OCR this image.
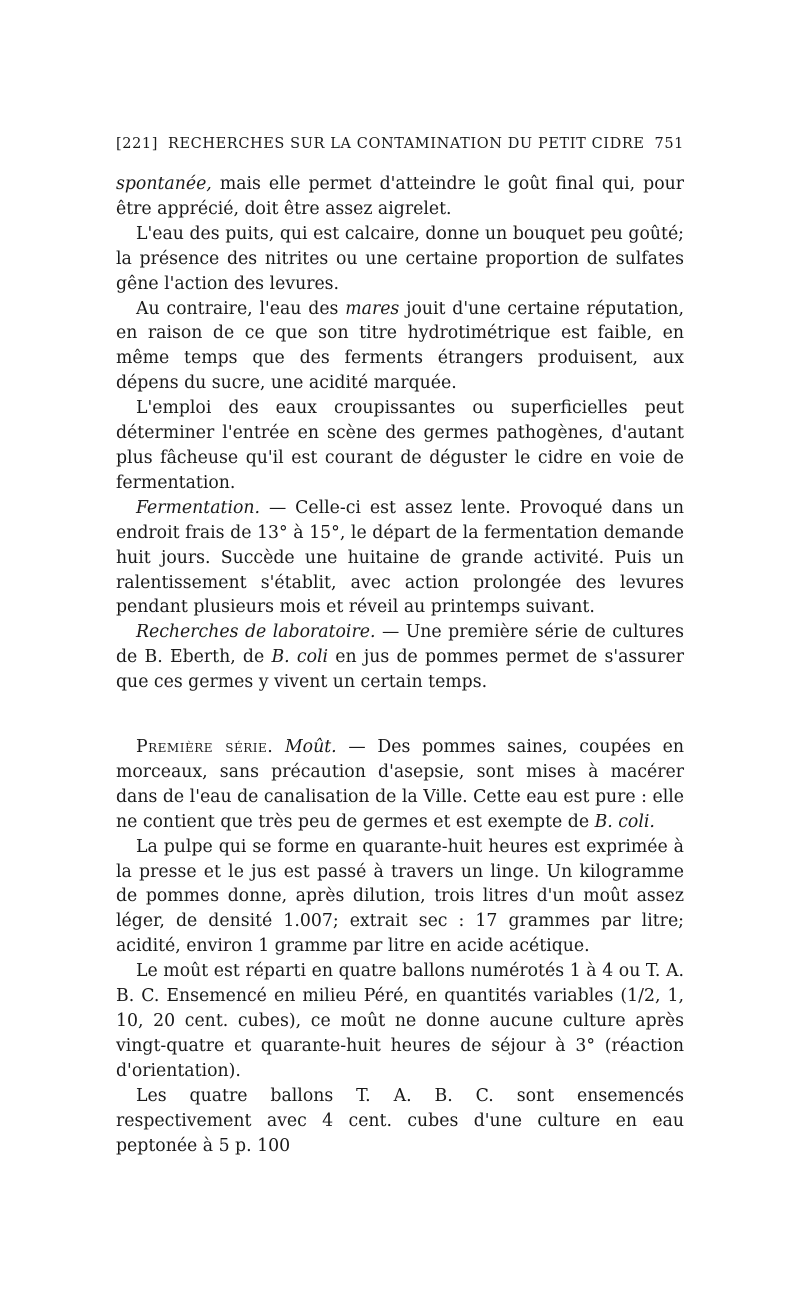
[221] RECHERCHES SUR LA CONTAMINATION DU PETIT CIDRE 751

spontanée, mais elle permet d'atteindre le goût final qui, pour être apprécié, doit être assez aigrelet.

L'eau des puits, qui est calcaire, donne un bouquet peu goûté; la présence des nitrites ou une certaine proportion de sulfates gêne l'action des levures.

Au contraire, l'eau des mares jouit d'une certaine réputation, en raison de ce que son titre hydrotimétrique est faible, en même temps que des ferments étrangers produisent, aux dépens du sucre, une acidité marquée.

L'emploi des eaux croupissantes ou superficielles peut déterminer l'entrée en scène des germes pathogènes, d'autant plus fâcheuse qu'il est courant de déguster le cidre en voie de fermentation.

Fermentation. — Celle-ci est assez lente. Provoqué dans un endroit frais de 13° à 15°, le départ de la fermentation demande huit jours. Succède une huitaine de grande activité. Puis un ralentissement s'établit, avec action prolongée des levures pendant plusieurs mois et réveil au printemps suivant.

Recherches de laboratoire. — Une première série de cultures de B. Eberth, de B. coli en jus de pommes permet de s'assurer que ces germes y vivent un certain temps.

Première série. Moût. — Des pommes saines, coupées en morceaux, sans précaution d'asepsie, sont mises à macérer dans de l'eau de canalisation de la Ville. Cette eau est pure : elle ne contient que très peu de germes et est exempte de B. coli.

La pulpe qui se forme en quarante-huit heures est exprimée à la presse et le jus est passé à travers un linge. Un kilogramme de pommes donne, après dilution, trois litres d'un moût assez léger, de densité 1.007; extrait sec : 17 grammes par litre; acidité, environ 1 gramme par litre en acide acétique.

Le moût est réparti en quatre ballons numérotés 1 à 4 ou T. A. B. C. Ensemencé en milieu Péré, en quantités variables (1/2, 1, 10, 20 cent. cubes), ce moût ne donne aucune culture après vingt-quatre et quarante-huit heures de séjour à 3° (réaction d'orientation).

Les quatre ballons T. A. B. C. sont ensemencés respectivement avec 4 cent. cubes d'une culture en eau peptonée à 5 p. 100
